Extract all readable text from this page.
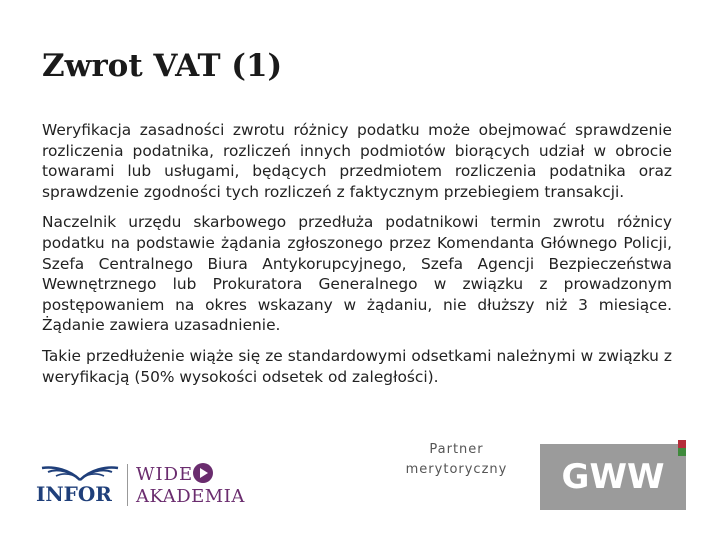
Zwrot VAT (1)

Weryfikacja zasadności zwrotu różnicy podatku może obejmować sprawdzenie rozliczenia podatnika, rozliczeń innych podmiotów biorących udział w obrocie towarami lub usługami, będących przedmiotem rozliczenia podatnika oraz sprawdzenie zgodności tych rozliczeń z faktycznym przebiegiem transakcji.

Naczelnik urzędu skarbowego przedłuża podatnikowi termin zwrotu różnicy podatku na podstawie żądania zgłoszonego przez Komendanta Głównego Policji, Szefa Centralnego Biura Antykorupcyjnego, Szefa Agencji Bezpieczeństwa Wewnętrznego lub Prokuratora Generalnego w związku z prowadzonym postępowaniem na okres wskazany w żądaniu, nie dłuższy niż 3 miesiące. Żądanie zawiera uzasadnienie.

Takie przedłużenie wiąże się ze standardowymi odsetkami należnymi w związku z weryfikacją (50% wysokości odsetek od zaległości).

INFOR
WIDE
AKADEMIA
Partner
merytoryczny	GWW
